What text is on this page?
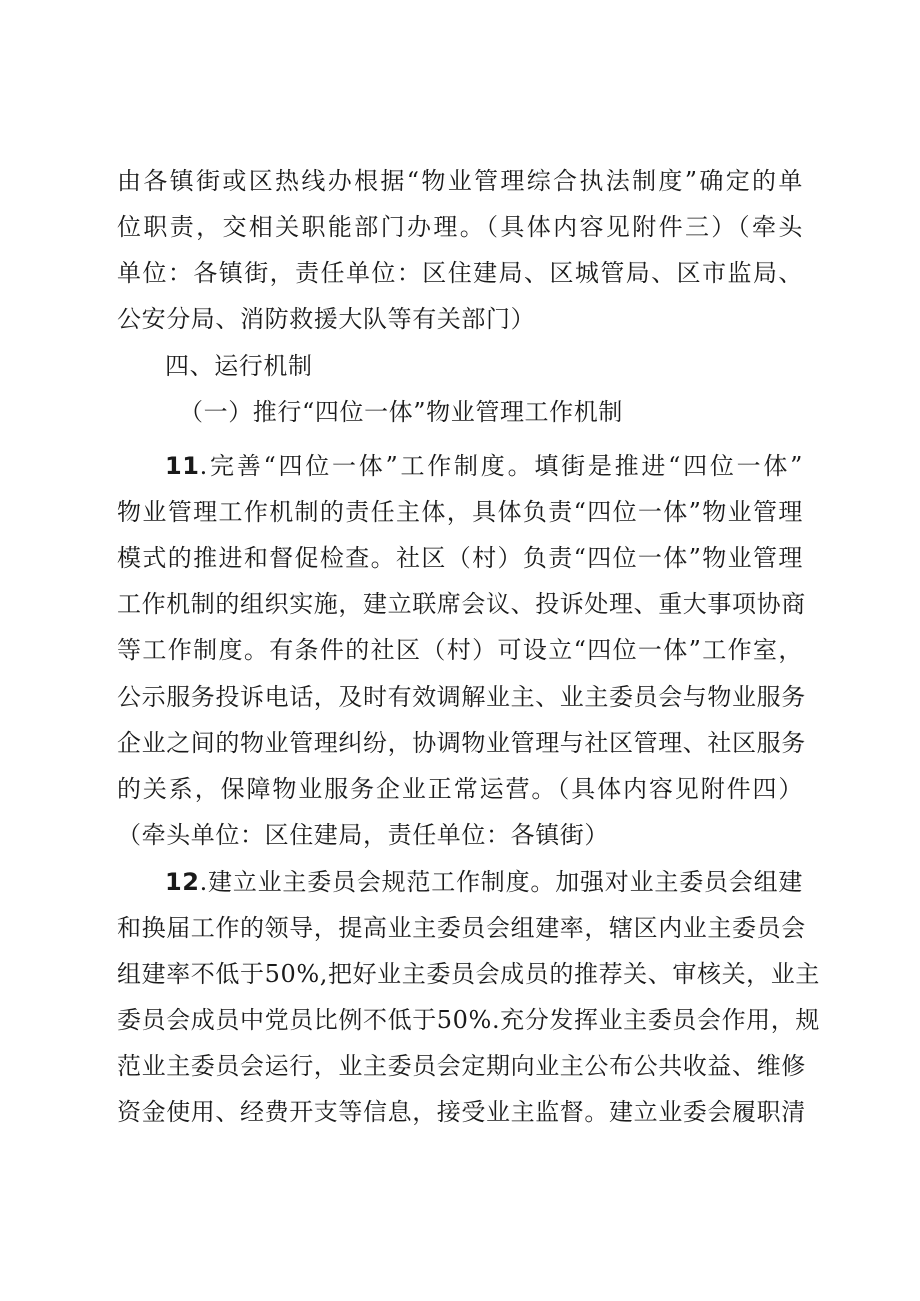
由各镇街或区热线办根据“物业管理综合执法制度”确定的单
位职责，交相关职能部门办理。（具体内容见附件三）（牵头
单位：各镇街，责任单位：区住建局、区城管局、区市监局、
公安分局、消防救援大队等有关部门）
四、运行机制
（一）推行“四位一体”物业管理工作机制
11.完善“四位一体”工作制度。填街是推进“四位一体”
物业管理工作机制的责任主体，具体负责“四位一体”物业管理
模式的推进和督促检查。社区（村）负责“四位一体”物业管理
工作机制的组织实施，建立联席会议、投诉处理、重大事项协商
等工作制度。有条件的社区（村）可设立“四位一体”工作室，
公示服务投诉电话，及时有效调解业主、业主委员会与物业服务
企业之间的物业管理纠纷，协调物业管理与社区管理、社区服务
的关系，保障物业服务企业正常运营。（具体内容见附件四）
（牵头单位：区住建局，责任单位：各镇街）
12.建立业主委员会规范工作制度。加强对业主委员会组建
和换届工作的领导，提高业主委员会组建率，辖区内业主委员会
组建率不低于50%,把好业主委员会成员的推荐关、审核关，业主
委员会成员中党员比例不低于50%.充分发挥业主委员会作用，规
范业主委员会运行，业主委员会定期向业主公布公共收益、维修
资金使用、经费开支等信息，接受业主监督。建立业委会履职清
